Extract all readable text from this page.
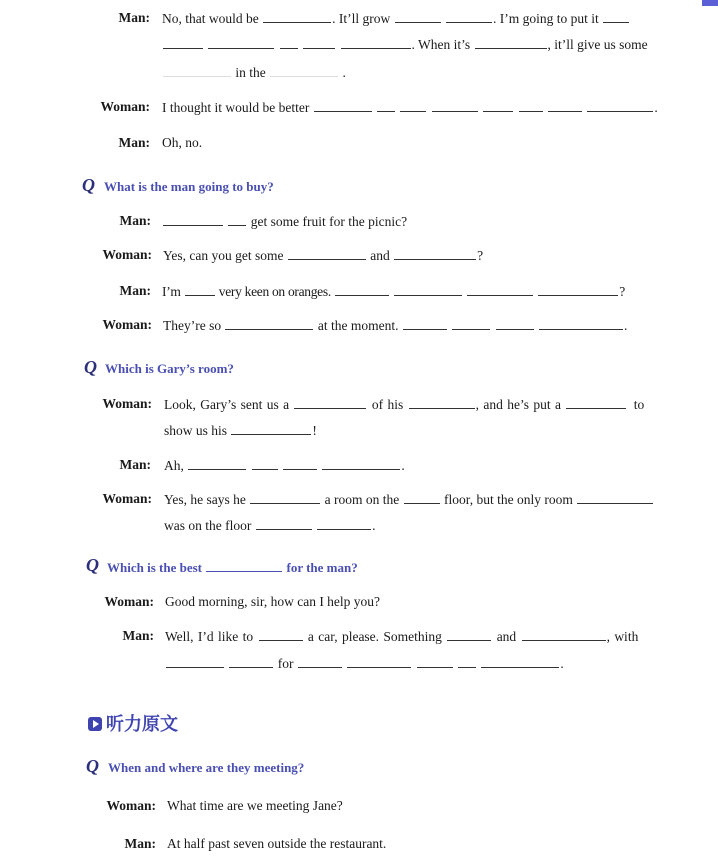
Man: No, that would be	. It’ll grow	. I’m going to put it
. When it’s	, it’ll give us some
in the	.
Woman: I thought it would be better	.
Man: Oh, no.
Q What is the man going to buy?
Man:	get some fruit for the picnic?
Woman: Yes, can you get some	and	?
Man: I’m	very keen on oranges.	?
Woman: They’re so	at the moment.	.
Q Which is Gary’s room?
Woman: Look, Gary’s sent us a	of his	, and he’s put a	to
show us his	!
Man: Ah,	.
Woman: Yes, he says he	a room on the	floor, but the only room
was on the floor	.
Q Which is the best	for the man?
Woman: Good morning, sir, how can I help you?
Man: Well, I’d like to	a car, please. Something	and	, with
for	.
听力原文
Q When and where are they meeting?
Woman: What time are we meeting Jane?
Man: At half past seven outside the restaurant.
